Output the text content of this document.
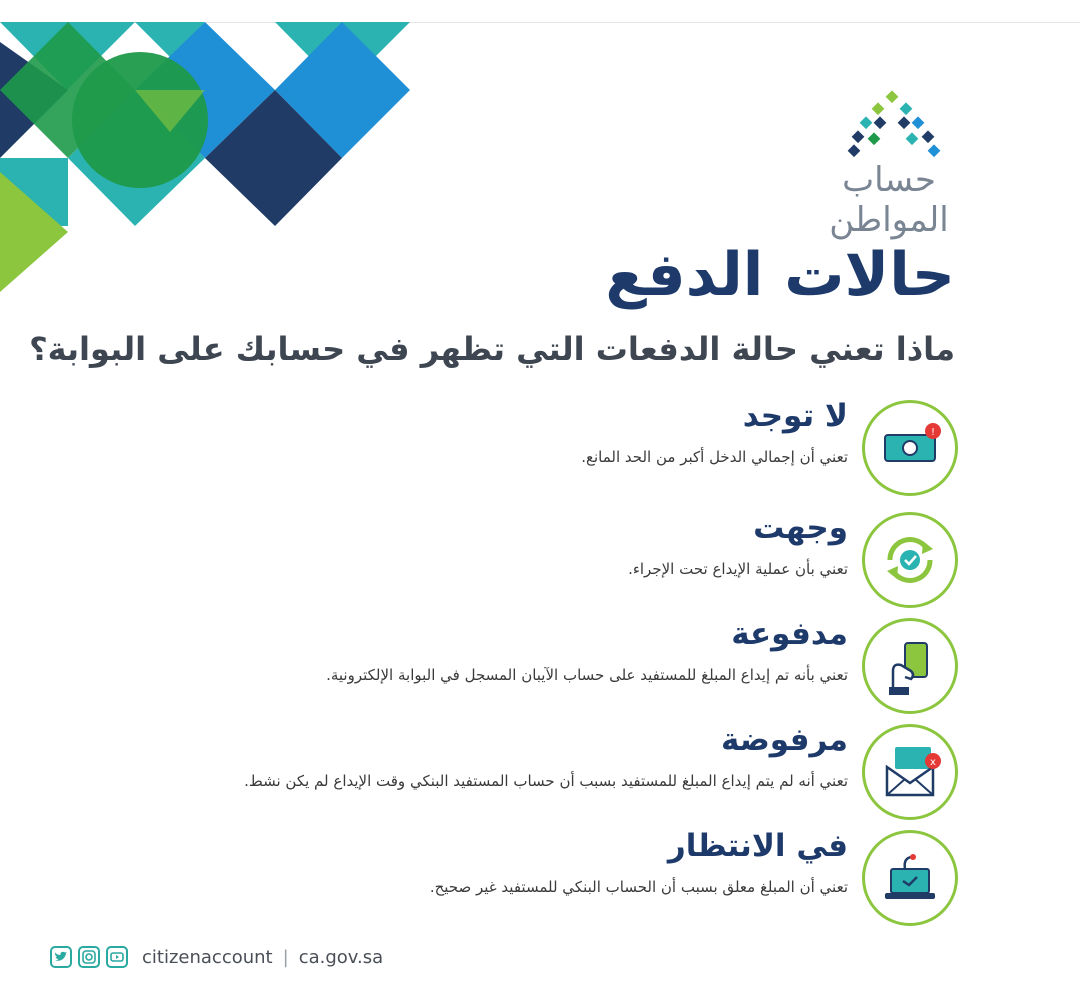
حساب المواطن
حالات الدفع
ماذا تعني حالة الدفعات التي تظهر في حسابك على البوابة؟
!
لا توجد
تعني أن إجمالي الدخل أكبر من الحد المانع.
وجهت
تعني بأن عملية الإيداع تحت الإجراء.
مدفوعة
تعني بأنه تم إيداع المبلغ للمستفيد على حساب الآيبان المسجل في البوابة الإلكترونية.
x
مرفوضة
تعني أنه لم يتم إيداع المبلغ للمستفيد بسبب أن حساب المستفيد البنكي وقت الإيداع لم يكن نشط.
في الانتظار
تعني أن المبلغ معلق بسبب أن الحساب البنكي للمستفيد غير صحيح.
citizenaccount | ca.gov.sa
